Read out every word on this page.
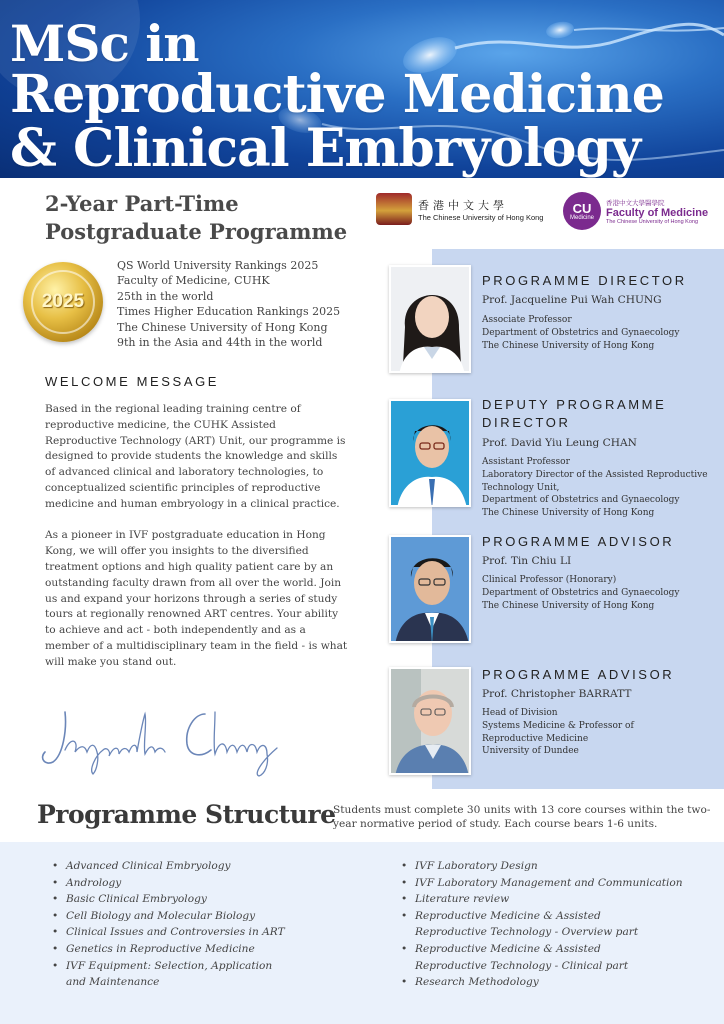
MSc in
Reproductive Medicine
& Clinical Embryology
2-Year Part-Time
Postgraduate Programme
香港中文大學
The Chinese University of Hong Kong
CU
Medicine
香港中文大學醫學院
Faculty of Medicine
The Chinese University of Hong Kong
2025
QS World University Rankings 2025
Faculty of Medicine, CUHK
25th in the world
Times Higher Education Rankings 2025
The Chinese University of Hong Kong
9th in the Asia and 44th in the world
WELCOME MESSAGE

Based in the regional leading training centre of reproductive medicine, the CUHK Assisted Reproductive Technology (ART) Unit, our programme is designed to provide students the knowledge and skills of advanced clinical and laboratory technologies, to conceptualized scientific principles of reproductive medicine and human embryology in a clinical practice.

As a pioneer in IVF postgraduate education in Hong Kong, we will offer you insights to the diversified treatment options and high quality patient care by an outstanding faculty drawn from all over the world. Join us and expand your horizons through a series of study tours at regionally renowned ART centres. Your ability to achieve and act - both independently and as a member of a multidisciplinary team in the field - is what will make you stand out.

PROGRAMME DIRECTOR
Prof. Jacqueline Pui Wah CHUNG
Associate Professor
Department of Obstetrics and Gynaecology
The Chinese University of Hong Kong
DEPUTY PROGRAMME
DIRECTOR
Prof. David Yiu Leung CHAN
Assistant Professor
Laboratory Director of the Assisted Reproductive Technology Unit,
Department of Obstetrics and Gynaecology
The Chinese University of Hong Kong
PROGRAMME ADVISOR
Prof. Tin Chiu LI
Clinical Professor (Honorary)
Department of Obstetrics and Gynaecology
The Chinese University of Hong Kong
PROGRAMME ADVISOR
Prof. Christopher BARRATT
Head of Division
Systems Medicine & Professor of Reproductive Medicine
University of Dundee
Programme Structure
Students must complete 30 units with 13 core courses within the two-year normative period of study. Each course bears 1-6 units.
• Advanced Clinical Embryology
• Andrology
• Basic Clinical Embryology
• Cell Biology and Molecular Biology
• Clinical Issues and Controversies in ART
• Genetics in Reproductive Medicine
• IVF Equipment: Selection, Application and Maintenance
• IVF Laboratory Design
• IVF Laboratory Management and Communication
• Literature review
• Reproductive Medicine & Assisted Reproductive Technology - Overview part
• Reproductive Medicine & Assisted Reproductive Technology - Clinical part
• Research Methodology
